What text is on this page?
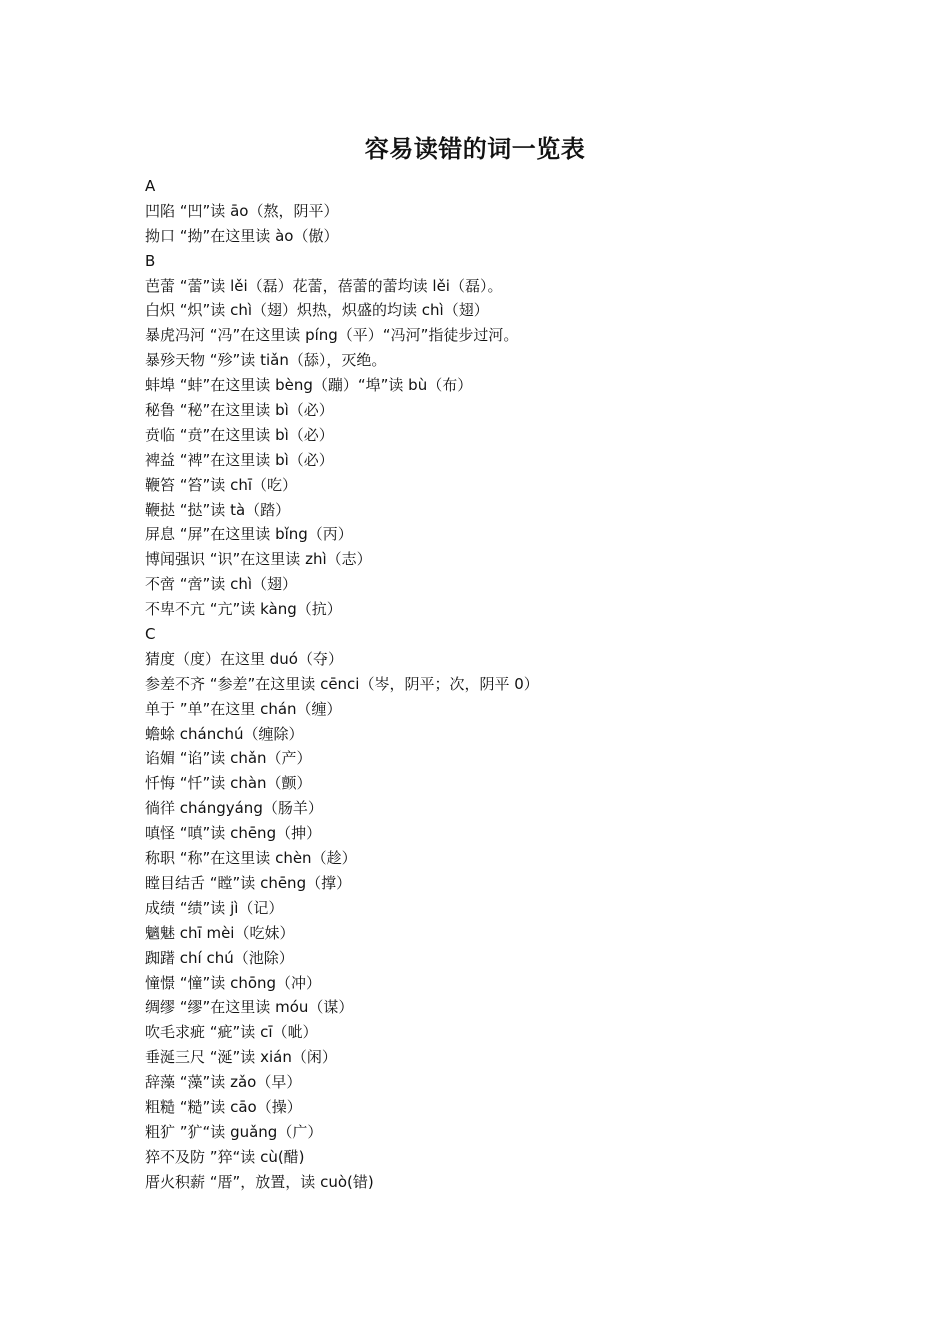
容易读错的词一览表
A
凹陷 “凹”读 āo（熬，阴平）
拗口 “拗”在这里读 ào（傲）
B
芭蕾 “蕾”读 lěi（磊）花蕾，蓓蕾的蕾均读 lěi（磊）。
白炽 “炽”读 chì（翅）炽热，炽盛的均读 chì（翅）
暴虎冯河 “冯”在这里读 píng（平）“冯河”指徒步过河。
暴殄天物 “殄”读 tiǎn（舔），灭绝。
蚌埠 “蚌”在这里读 bèng（蹦）“埠”读 bù（布）
秘鲁 “秘”在这里读 bì（必）
贲临 “贲”在这里读 bì（必）
裨益 “裨”在这里读 bì（必）
鞭笞 “笞”读 chī（吃）
鞭挞 “挞”读 tà（踏）
屏息 “屏”在这里读 bǐng（丙）
博闻强识 “识”在这里读 zhì（志）
不啻 “啻”读 chì（翅）
不卑不亢 “亢”读 kàng（抗）
C
猜度（度）在这里 duó（夺）
参差不齐 “参差”在这里读 cēnci（岑，阴平；次，阴平 0）
单于 ”单”在这里 chán（缠）
蟾蜍 chánchú（缠除）
谄媚 “谄”读 chǎn（产）
忏悔 “忏”读 chàn（颤）
徜徉 chángyáng（肠羊）
嗔怪 “嗔”读 chēng（抻）
称职 “称”在这里读 chèn（趁）
瞠目结舌 “瞠”读 chēng（撑）
成绩 “绩”读 jì（记）
魑魅 chī mèi（吃妹）
踟躇 chí chú（池除）
憧憬 “憧”读 chōng（冲）
绸缪 “缪”在这里读 móu（谋）
吹毛求疵 “疵”读 cī（呲）
垂涎三尺 “涎”读 xián（闲）
辞藻 “藻”读 zǎo（早）
粗糙 “糙”读 cāo（操）
粗犷 ”犷“读 guǎng（广）
猝不及防 ”猝“读 cù(醋)
厝火积薪 “厝”，放置，读 cuò(错)
